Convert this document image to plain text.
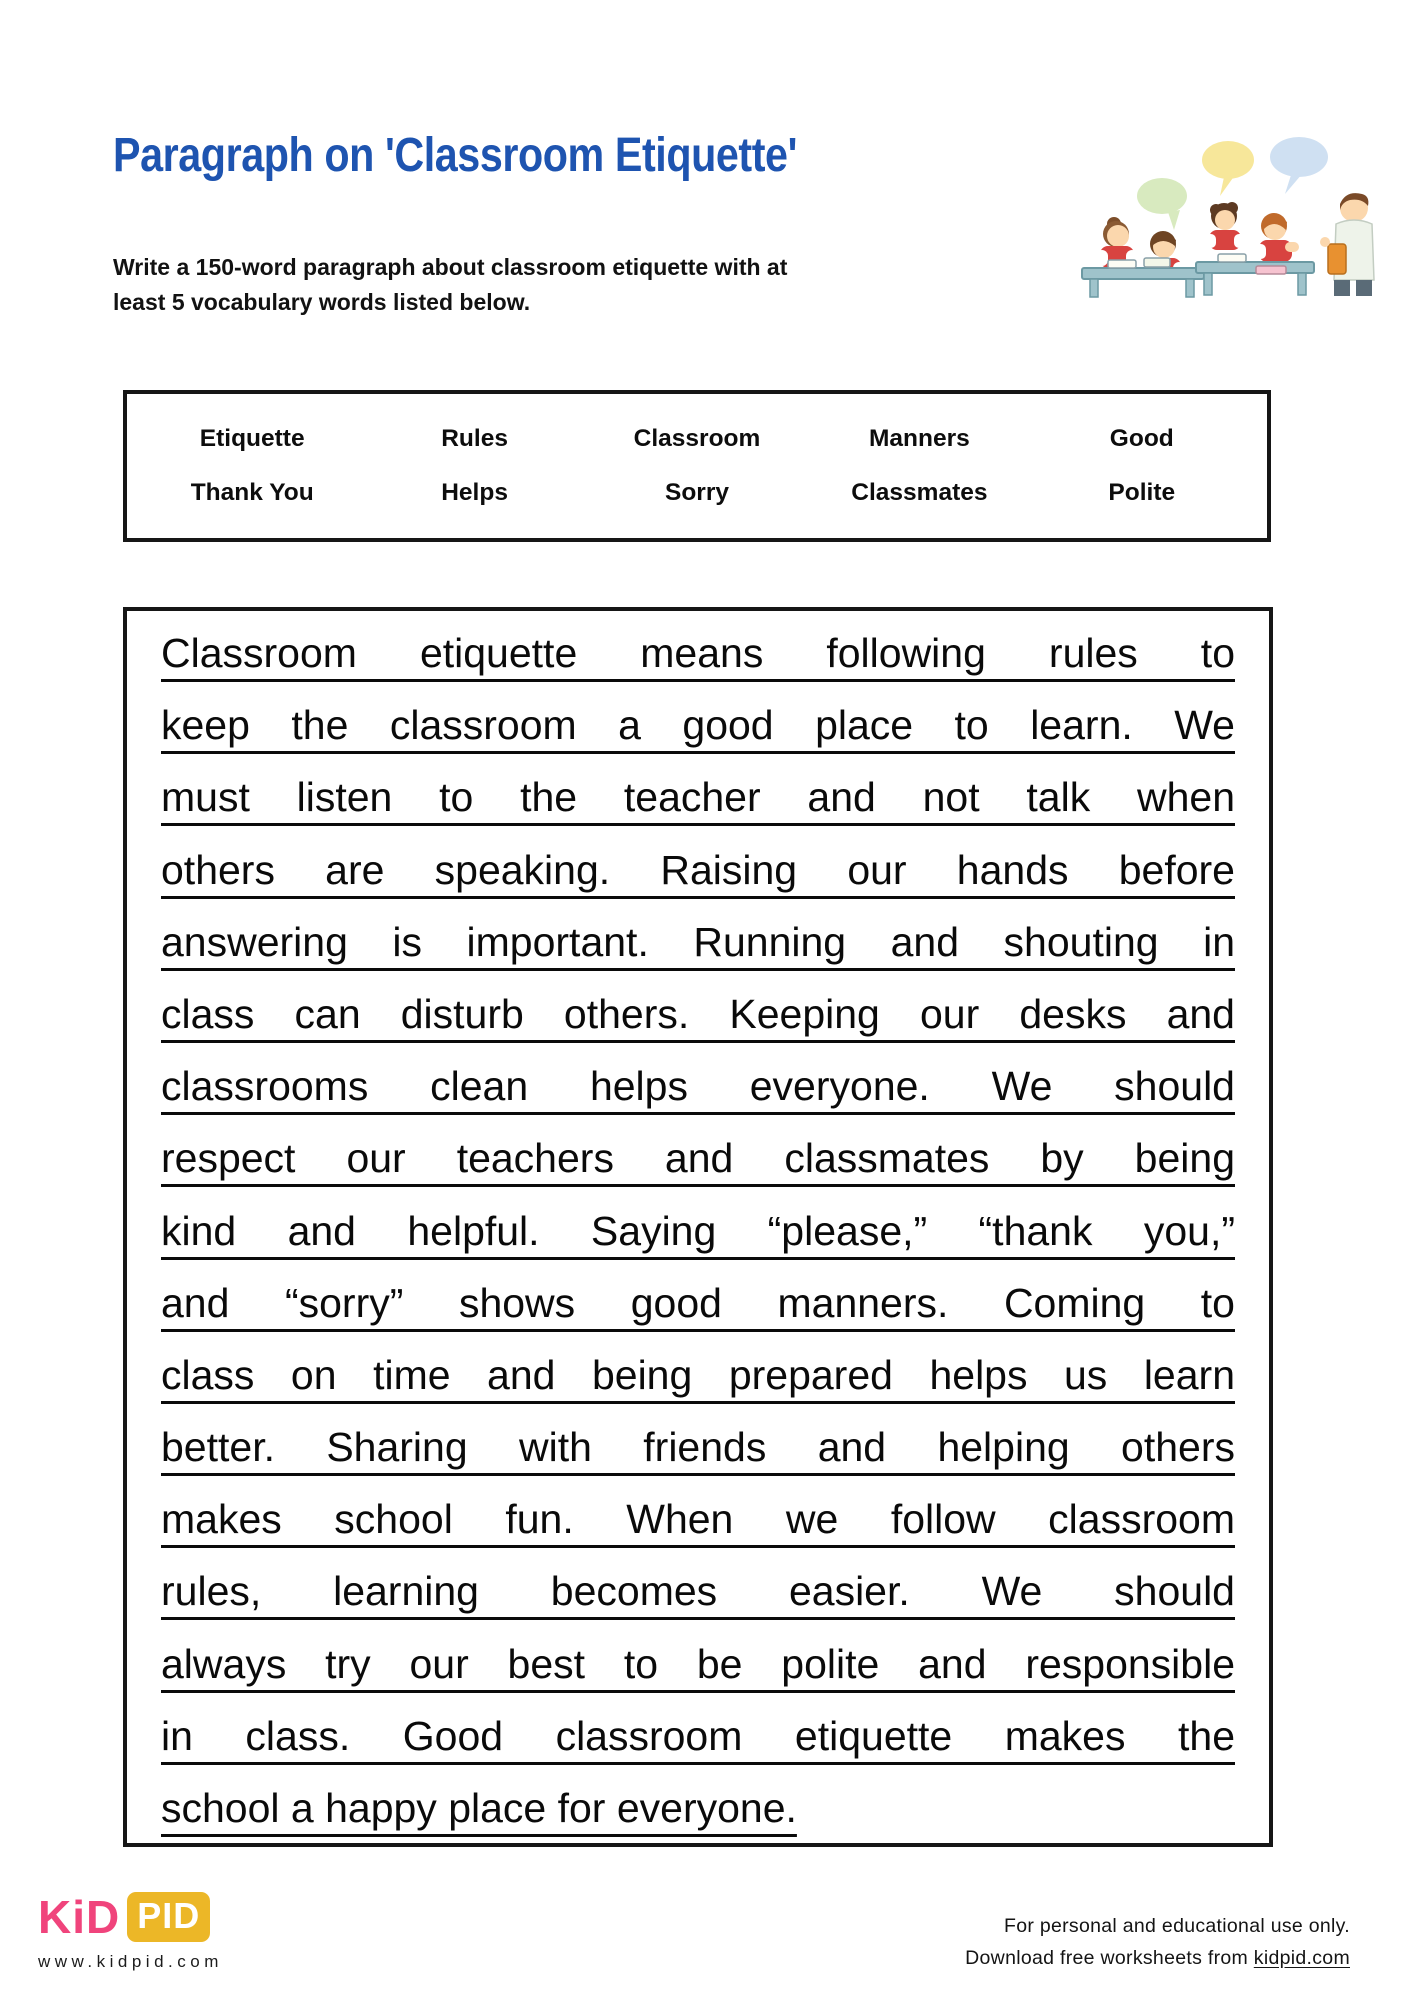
Paragraph on 'Classroom Etiquette'
Write a 150-word paragraph about classroom etiquette with at
least 5 vocabulary words listed below.
Etiquette	Rules	Classroom	Manners	Good
Thank You	Helps	Sorry	Classmates	Polite
Classroom etiquette means following rules to
keep the classroom a good place to learn. We
must listen to the teacher and not talk when
others are speaking. Raising our hands before
answering is important. Running and shouting in
class can disturb others. Keeping our desks and
classrooms clean helps everyone. We should
respect our teachers and classmates by being
kind and helpful. Saying “please,” “thank you,”
and “sorry” shows good manners. Coming to
class on time and being prepared helps us learn
better. Sharing with friends and helping others
makes school fun. When we follow classroom
rules, learning becomes easier. We should
always try our best to be polite and responsible
in class. Good classroom etiquette makes the
school a happy place for everyone.
KiD PID
www.kidpid.com
For personal and educational use only.
Download free worksheets from kidpid.com
